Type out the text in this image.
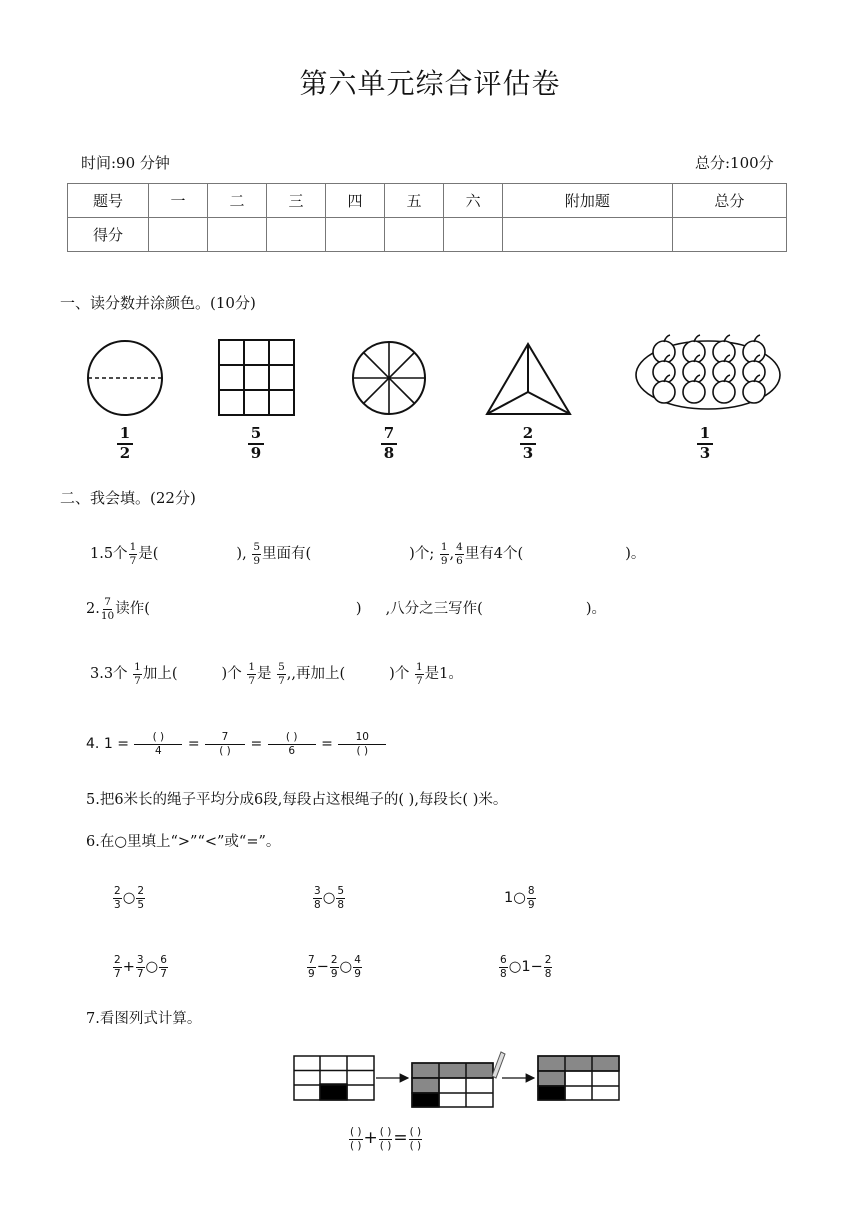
第六单元综合评估卷
时间:90 分钟	总分:100分
题号	一	二	三	四	五	六	附加题	总分
得分								
一、读分数并涂颜色。(10分)
$\frac{1}{2}$	$\frac{5}{9}$	$\frac{7}{8}$	$\frac{2}{3}$	$\frac{1}{3}$
二、我会填。(22分)
1.5个 $\frac{1}{7}$ 是(	), $\frac{5}{9}$ 里面有(	)个; $\frac{1}{9}$ , $\frac{4}{6}$ 里有4个(	)。
2. $\frac{7}{10}$ 读作(	) ,八分之三写作(	)。
3.3个 $\frac{1}{7}$ 加上(	)个 $\frac{1}{7}$ 是 $\frac{5}{7}$ ,,再加上(	)个 $\frac{1}{7}$ 是1。
4. $1 = \frac{( )}{4} = \frac{7}{( )} = \frac{( )}{6} = \frac{10}{( )}$
5.把6米长的绳子平均分成6段,每段占这根绳子的( ),每段长( )米。
6.在○里填上“>”“<”或“=”。
$\frac{2}{3}$ ○ $\frac{2}{5}$	$\frac{3}{8}$ ○ $\frac{5}{8}$	1○ $\frac{8}{9}$
$\frac{2}{7} + \frac{3}{7}$ ○ $\frac{6}{7}$	$\frac{7}{9} - \frac{2}{9}$ ○ $\frac{4}{9}$	$\frac{6}{8}$ ○1− $\frac{2}{8}$
7.看图列式计算。
$\frac{( )}{( )} + \frac{( )}{( )} = \frac{( )}{( )}$
